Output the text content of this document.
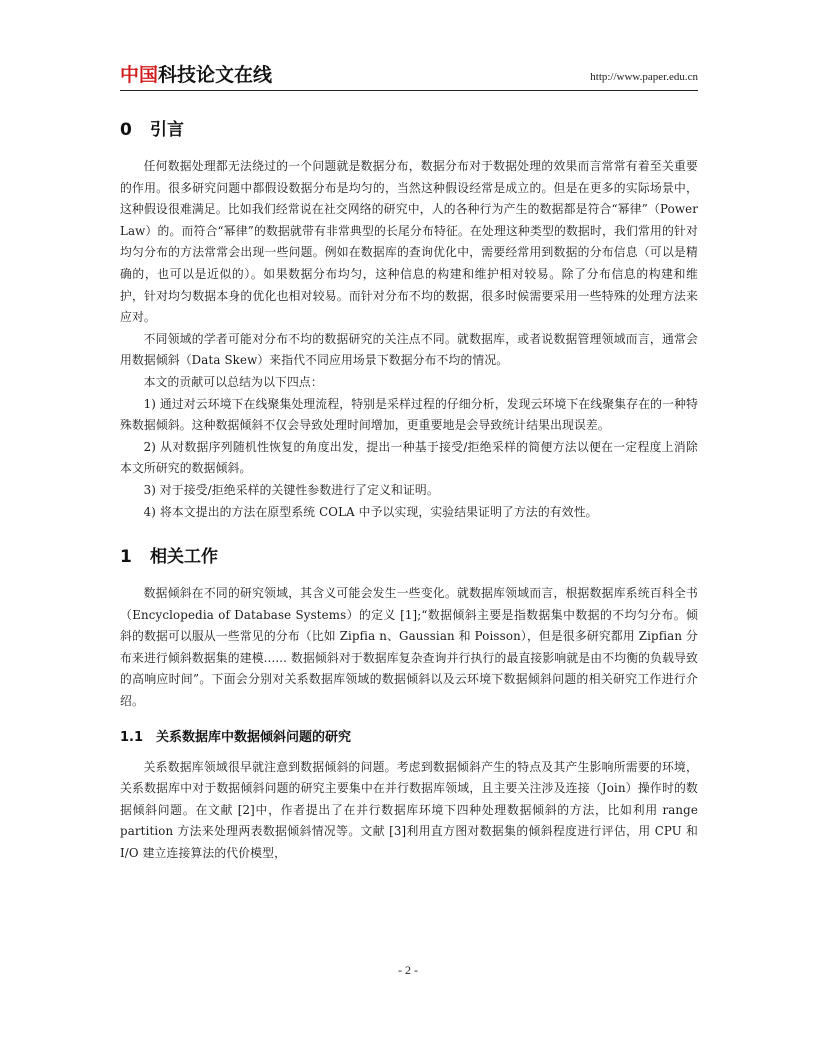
中国科技论文在线	http://www.paper.edu.cn
0 引言

任何数据处理都无法绕过的一个问题就是数据分布，数据分布对于数据处理的效果而言常常有着至关重要的作用。很多研究问题中都假设数据分布是均匀的，当然这种假设经常是成立的。但是在更多的实际场景中，这种假设很难满足。比如我们经常说在社交网络的研究中，人的各种行为产生的数据都是符合“幂律”（Power Law）的。而符合“幂律”的数据就带有非常典型的长尾分布特征。在处理这种类型的数据时，我们常用的针对均匀分布的方法常常会出现一些问题。例如在数据库的查询优化中，需要经常用到数据的分布信息（可以是精确的，也可以是近似的）。如果数据分布均匀，这种信息的构建和维护相对较易。除了分布信息的构建和维护，针对均匀数据本身的优化也相对较易。而针对分布不均的数据，很多时候需要采用一些特殊的处理方法来应对。

不同领域的学者可能对分布不均的数据研究的关注点不同。就数据库，或者说数据管理领域而言，通常会用数据倾斜（Data Skew）来指代不同应用场景下数据分布不均的情况。

本文的贡献可以总结为以下四点：

1) 通过对云环境下在线聚集处理流程，特别是采样过程的仔细分析，发现云环境下在线聚集存在的一种特殊数据倾斜。这种数据倾斜不仅会导致处理时间增加，更重要地是会导致统计结果出现误差。

2) 从对数据序列随机性恢复的角度出发，提出一种基于接受/拒绝采样的简便方法以便在一定程度上消除本文所研究的数据倾斜。

3) 对于接受/拒绝采样的关键性参数进行了定义和证明。

4) 将本文提出的方法在原型系统 COLA 中予以实现，实验结果证明了方法的有效性。

1 相关工作

数据倾斜在不同的研究领域，其含义可能会发生一些变化。就数据库领域而言，根据数据库系统百科全书（Encyclopedia of Database Systems）的定义 [1];“数据倾斜主要是指数据集中数据的不均匀分布。倾斜的数据可以服从一些常见的分布（比如 Zipfia n、Gaussian 和 Poisson），但是很多研究都用 Zipfian 分布来进行倾斜数据集的建模...... 数据倾斜对于数据库复杂查询并行执行的最直接影响就是由不均衡的负载导致的高响应时间”。下面会分别对关系数据库领域的数据倾斜以及云环境下数据倾斜问题的相关研究工作进行介绍。

1.1 关系数据库中数据倾斜问题的研究

关系数据库领域很早就注意到数据倾斜的问题。考虑到数据倾斜产生的特点及其产生影响所需要的环境，关系数据库中对于数据倾斜问题的研究主要集中在并行数据库领域，且主要关注涉及连接（Join）操作时的数据倾斜问题。在文献 [2]中，作者提出了在并行数据库环境下四种处理数据倾斜的方法，比如利用 range partition 方法来处理两表数据倾斜情况等。文献 [3]利用直方图对数据集的倾斜程度进行评估，用 CPU 和 I/O 建立连接算法的代价模型，

- 2 -
